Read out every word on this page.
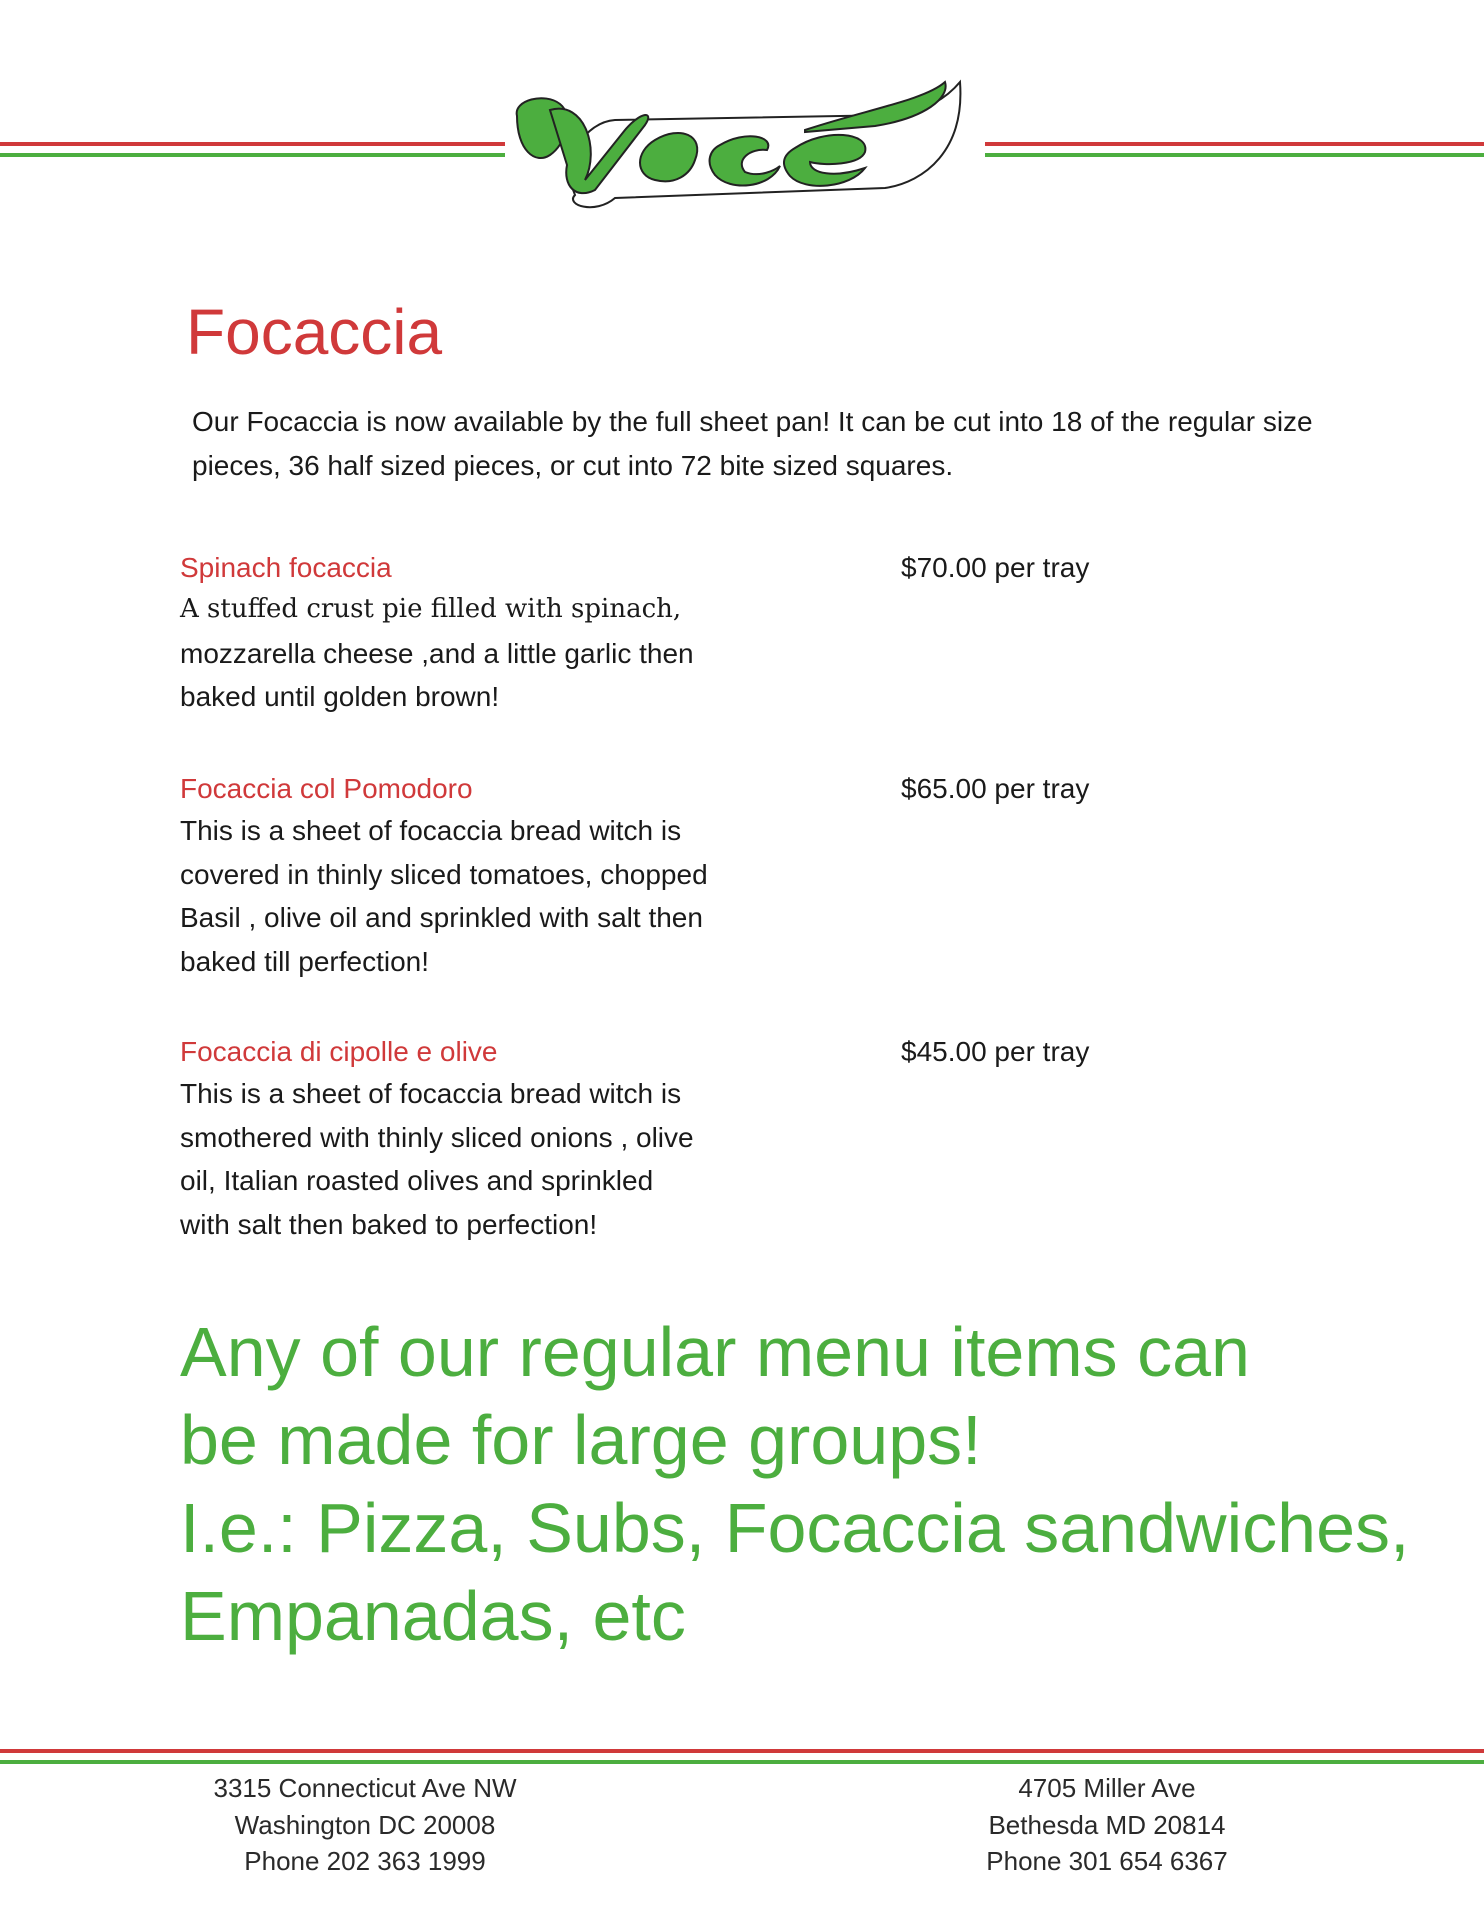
Focaccia

Our Focaccia is now available by the full sheet pan! It can be cut into 18 of the regular size pieces, 36 half sized pieces, or cut into 72 bite sized squares.

Spinach focaccia	$70.00 per tray
A stuffed crust pie filled with spinach,
mozzarella cheese ,and a little garlic then
baked until golden brown!
Focaccia col Pomodoro	$65.00 per tray
This is a sheet of focaccia bread witch is
covered in thinly sliced tomatoes, chopped
Basil , olive oil and sprinkled with salt then
baked till perfection!
Focaccia di cipolle e olive	$45.00 per tray
This is a sheet of focaccia bread witch is
smothered with thinly sliced onions , olive
oil, Italian roasted olives and sprinkled
with salt then baked to perfection!
Any of our regular menu items can
be made for large groups!
I.e.: Pizza, Subs, Focaccia sandwiches,
Empanadas, etc
3315 Connecticut Ave NW
Washington DC 20008
Phone 202 363 1999
4705 Miller Ave
Bethesda MD 20814
Phone 301 654 6367
